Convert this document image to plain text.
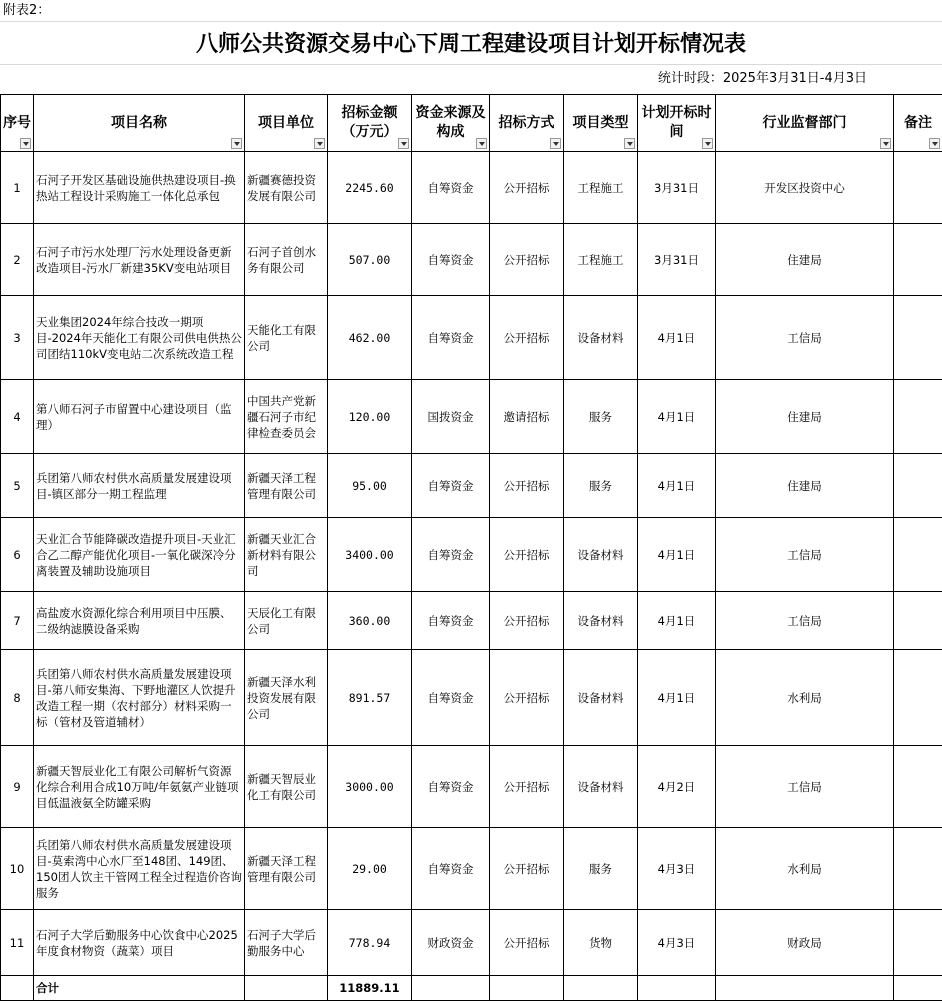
附表2：
八师公共资源交易中心下周工程建设项目计划开标情况表
统计时段：2025年3月31日-4月3日
序号	项目名称	项目单位	招标金额（万元）	资金来源及构成	招标方式	项目类型	计划开标时间	行业监督部门	备注

1	石河子开发区基础设施供热建设项目-换热站工程设计采购施工一体化总承包	新疆赛德投资发展有限公司	2245.60	自筹资金	公开招标	工程施工	3月31日	开发区投资中心	
2	石河子市污水处理厂污水处理设备更新改造项目-污水厂新建35KV变电站项目	石河子首创水务有限公司	507.00	自筹资金	公开招标	工程施工	3月31日	住建局	
3	天业集团2024年综合技改一期项目-2024年天能化工有限公司供电供热公司团结110kV变电站二次系统改造工程	天能化工有限公司	462.00	自筹资金	公开招标	设备材料	4月1日	工信局	
4	第八师石河子市留置中心建设项目（监理）	中国共产党新疆石河子市纪律检查委员会	120.00	国拨资金	邀请招标	服务	4月1日	住建局	
5	兵团第八师农村供水高质量发展建设项目-镇区部分一期工程监理	新疆天泽工程管理有限公司	95.00	自筹资金	公开招标	服务	4月1日	住建局	
6	天业汇合节能降碳改造提升项目-天业汇合乙二醇产能优化项目-一氧化碳深冷分离装置及辅助设施项目	新疆天业汇合新材料有限公司	3400.00	自筹资金	公开招标	设备材料	4月1日	工信局	
7	高盐废水资源化综合利用项目中压膜、二级纳滤膜设备采购	天辰化工有限公司	360.00	自筹资金	公开招标	设备材料	4月1日	工信局	
8	兵团第八师农村供水高质量发展建设项目-第八师安集海、下野地灌区人饮提升改造工程一期（农村部分）材料采购一标（管材及管道辅材）	新疆天泽水利投资发展有限公司	891.57	自筹资金	公开招标	设备材料	4月1日	水利局	
9	新疆天智辰业化工有限公司解析气资源化综合利用合成10万吨/年氨氨产业链项目低温液氨全防罐采购	新疆天智辰业化工有限公司	3000.00	自筹资金	公开招标	设备材料	4月2日	工信局	
10	兵团第八师农村供水高质量发展建设项目-莫索湾中心水厂至148团、149团、150团人饮主干管网工程全过程造价咨询服务	新疆天泽工程管理有限公司	29.00	自筹资金	公开招标	服务	4月3日	水利局	
11	石河子大学后勤服务中心饮食中心2025年度食材物资（蔬菜）项目	石河子大学后勤服务中心	778.94	财政资金	公开招标	货物	4月3日	财政局	
	合计		11889.11						
